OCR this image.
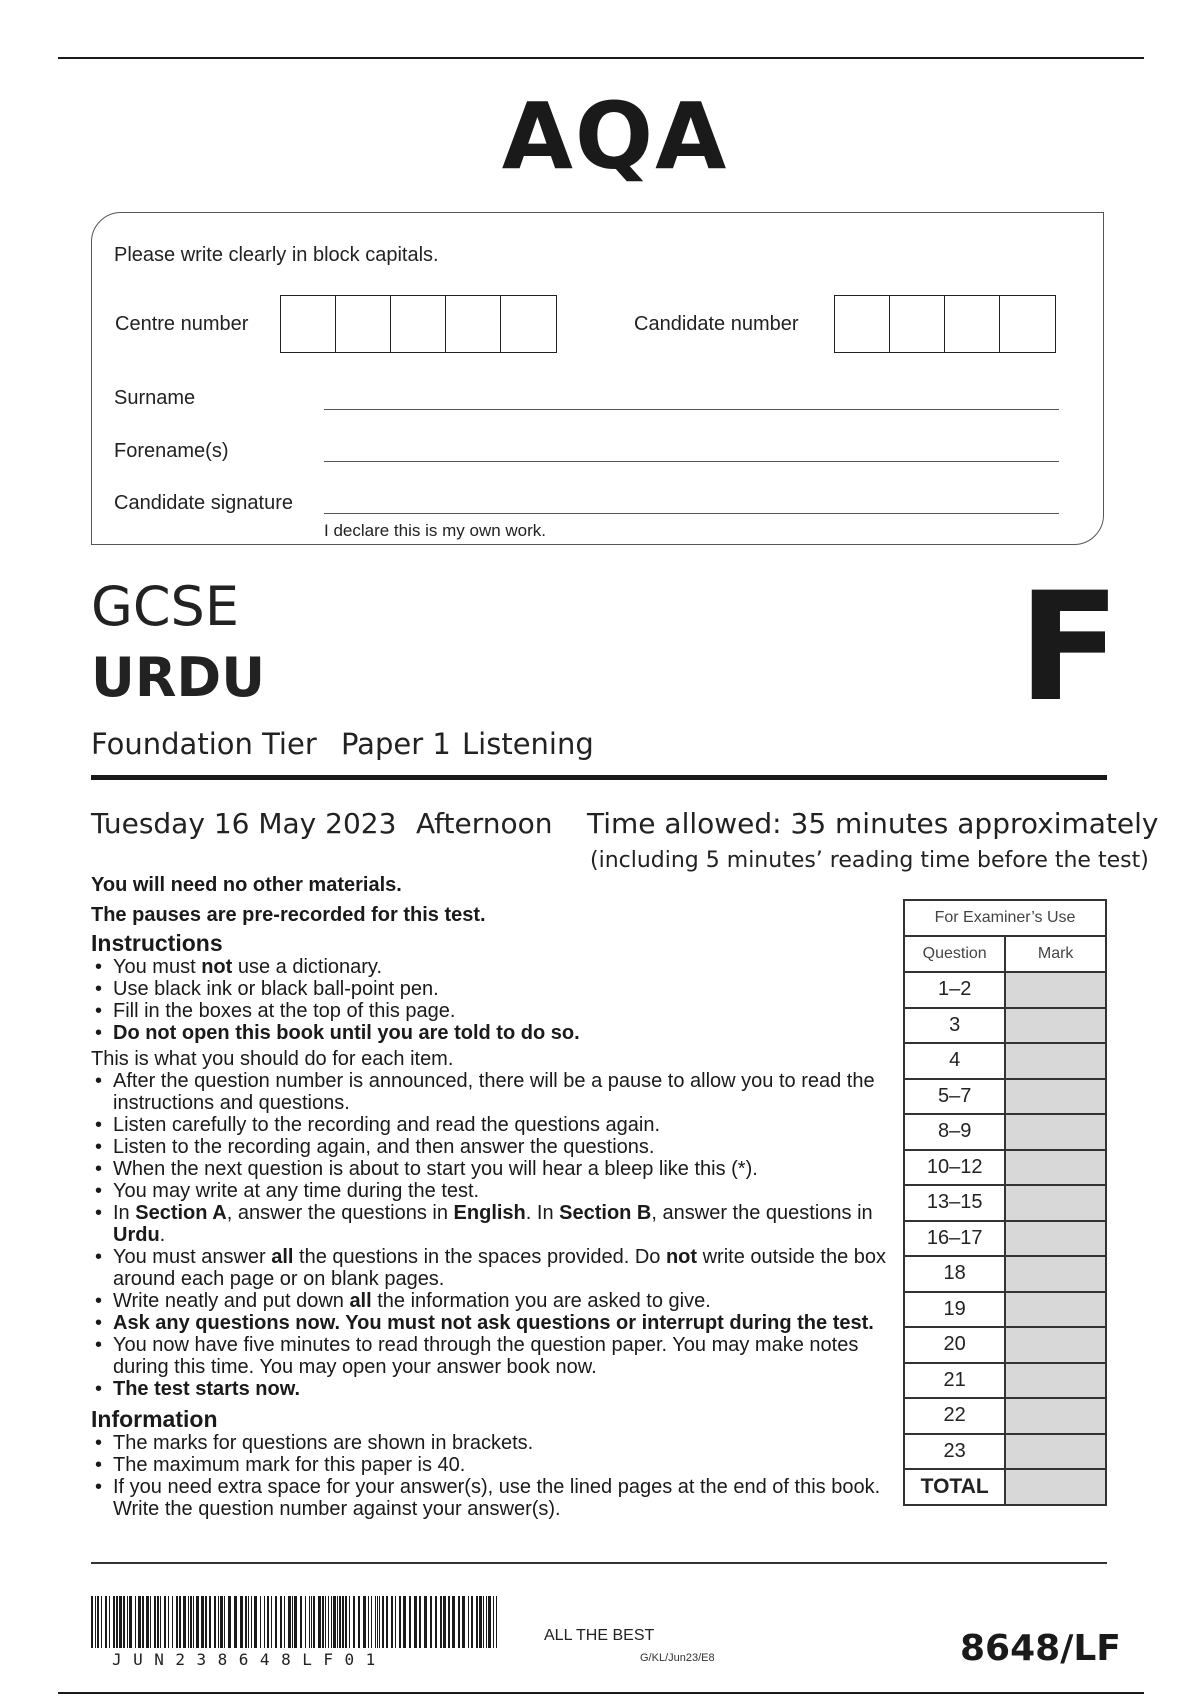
AQA
Please write clearly in block capitals.
Centre number	Candidate number
Surname
Forename(s)
Candidate signature
I declare this is my own work.
GCSE
URDU
Foundation Tier Paper 1 Listening
F
Tuesday 16 May 2023 Afternoon Time allowed: 35 minutes approximately
(including 5 minutes’ reading time before the test)
You will need no other materials.
The pauses are pre-recorded for this test.
Instructions
• You must not use a dictionary.
• Use black ink or black ball-point pen.
• Fill in the boxes at the top of this page.
• Do not open this book until you are told to do so.
This is what you should do for each item.
• After the question number is announced, there will be a pause to allow you to read the instructions and questions.
• Listen carefully to the recording and read the questions again.
• Listen to the recording again, and then answer the questions.
• When the next question is about to start you will hear a bleep like this (*).
• You may write at any time during the test.
• In Section A, answer the questions in English. In Section B, answer the questions in Urdu.
• You must answer all the questions in the spaces provided. Do not write outside the box around each page or on blank pages.
• Write neatly and put down all the information you are asked to give.
• Ask any questions now. You must not ask questions or interrupt during the test.
• You now have five minutes to read through the question paper. You may make notes during this time. You may open your answer book now.
• The test starts now.
Information
• The marks for questions are shown in brackets.
• The maximum mark for this paper is 40.
• If you need extra space for your answer(s), use the lined pages at the end of this book. Write the question number against your answer(s).
For Examiner’s Use	
Question	Mark
1–2	
3	
4	
5–7	
8–9	
10–12	
13–15	
16–17	
18	
19	
20	
21	
22	
23	
TOTAL	
JUN238648LF01
ALL THE BEST
G/KL/Jun23/E8	8648/LF
